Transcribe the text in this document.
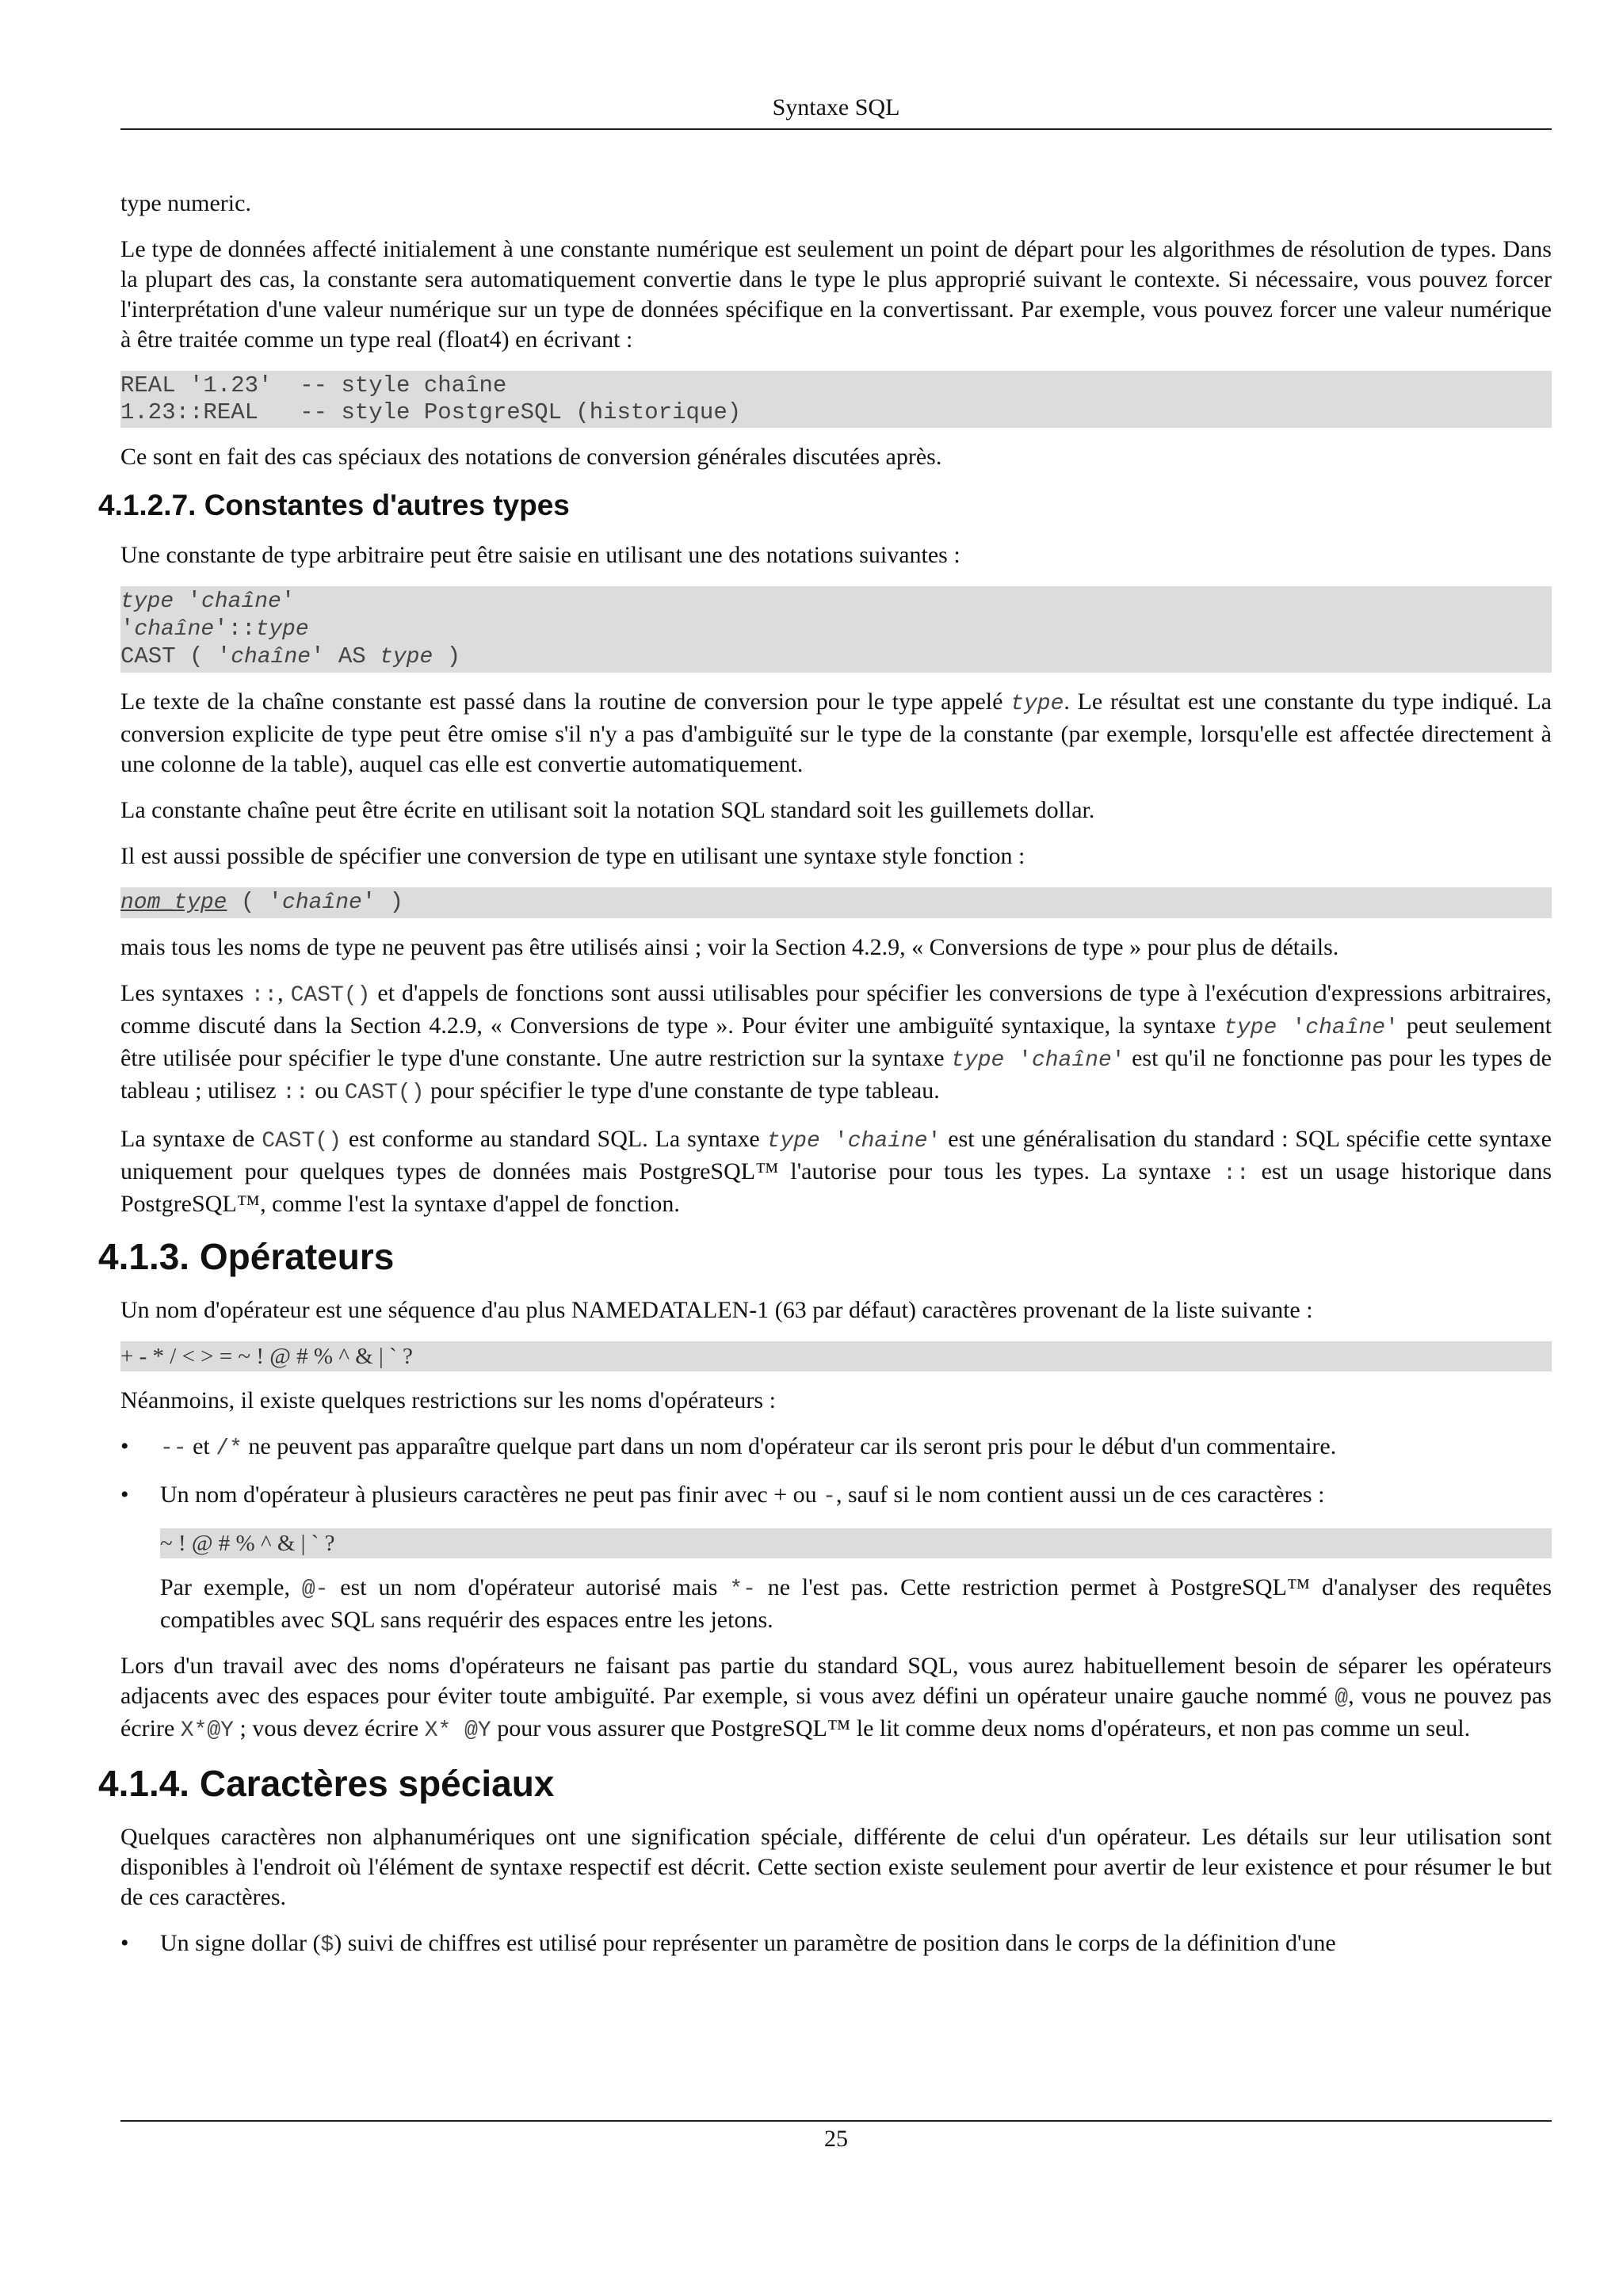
Syntaxe SQL

type numeric.

Le type de données affecté initialement à une constante numérique est seulement un point de départ pour les algorithmes de résolution de types. Dans la plupart des cas, la constante sera automatiquement convertie dans le type le plus approprié suivant le contexte. Si nécessaire, vous pouvez forcer l'interprétation d'une valeur numérique sur un type de données spécifique en la convertissant. Par exemple, vous pouvez forcer une valeur numérique à être traitée comme un type real (float4) en écrivant :

REAL '1.23'  -- style chaîne
1.23::REAL   -- style PostgreSQL (historique)

Ce sont en fait des cas spéciaux des notations de conversion générales discutées après.

4.1.2.7. Constantes d'autres types

Une constante de type arbitraire peut être saisie en utilisant une des notations suivantes :

type 'chaîne'
'chaîne'::type
CAST ( 'chaîne' AS type )

Le texte de la chaîne constante est passé dans la routine de conversion pour le type appelé type. Le résultat est une constante du type indiqué. La conversion explicite de type peut être omise s'il n'y a pas d'ambiguïté sur le type de la constante (par exemple, lorsqu'elle est affectée directement à une colonne de la table), auquel cas elle est convertie automatiquement.

La constante chaîne peut être écrite en utilisant soit la notation SQL standard soit les guillemets dollar.

Il est aussi possible de spécifier une conversion de type en utilisant une syntaxe style fonction :

nom_type ( 'chaîne' )

mais tous les noms de type ne peuvent pas être utilisés ainsi ; voir la Section 4.2.9, « Conversions de type » pour plus de détails.

Les syntaxes ::, CAST() et d'appels de fonctions sont aussi utilisables pour spécifier les conversions de type à l'exécution d'expressions arbitraires, comme discuté dans la Section 4.2.9, « Conversions de type ». Pour éviter une ambiguïté syntaxique, la syntaxe type 'chaîne' peut seulement être utilisée pour spécifier le type d'une constante. Une autre restriction sur la syntaxe type 'chaîne' est qu'il ne fonctionne pas pour les types de tableau ; utilisez :: ou CAST() pour spécifier le type d'une constante de type tableau.

La syntaxe de CAST() est conforme au standard SQL. La syntaxe type 'chaine' est une généralisation du standard : SQL spécifie cette syntaxe uniquement pour quelques types de données mais PostgreSQL™ l'autorise pour tous les types. La syntaxe :: est un usage historique dans PostgreSQL™, comme l'est la syntaxe d'appel de fonction.

4.1.3. Opérateurs

Un nom d'opérateur est une séquence d'au plus NAMEDATALEN-1 (63 par défaut) caractères provenant de la liste suivante :

+ - * / < > = ~ ! @ # % ^ & | ` ?

Néanmoins, il existe quelques restrictions sur les noms d'opérateurs :

• -- et /* ne peuvent pas apparaître quelque part dans un nom d'opérateur car ils seront pris pour le début d'un commentaire.

• Un nom d'opérateur à plusieurs caractères ne peut pas finir avec + ou -, sauf si le nom contient aussi un de ces caractères :

~ ! @ # % ^ & | ` ?

Par exemple, @- est un nom d'opérateur autorisé mais *- ne l'est pas. Cette restriction permet à PostgreSQL™ d'analyser des requêtes compatibles avec SQL sans requérir des espaces entre les jetons.

Lors d'un travail avec des noms d'opérateurs ne faisant pas partie du standard SQL, vous aurez habituellement besoin de séparer les opérateurs adjacents avec des espaces pour éviter toute ambiguïté. Par exemple, si vous avez défini un opérateur unaire gauche nommé @, vous ne pouvez pas écrire X*@Y ; vous devez écrire X* @Y pour vous assurer que PostgreSQL™ le lit comme deux noms d'opérateurs, et non pas comme un seul.

4.1.4. Caractères spéciaux

Quelques caractères non alphanumériques ont une signification spéciale, différente de celui d'un opérateur. Les détails sur leur utilisation sont disponibles à l'endroit où l'élément de syntaxe respectif est décrit. Cette section existe seulement pour avertir de leur existence et pour résumer le but de ces caractères.

• Un signe dollar ($) suivi de chiffres est utilisé pour représenter un paramètre de position dans le corps de la définition d'une

25
